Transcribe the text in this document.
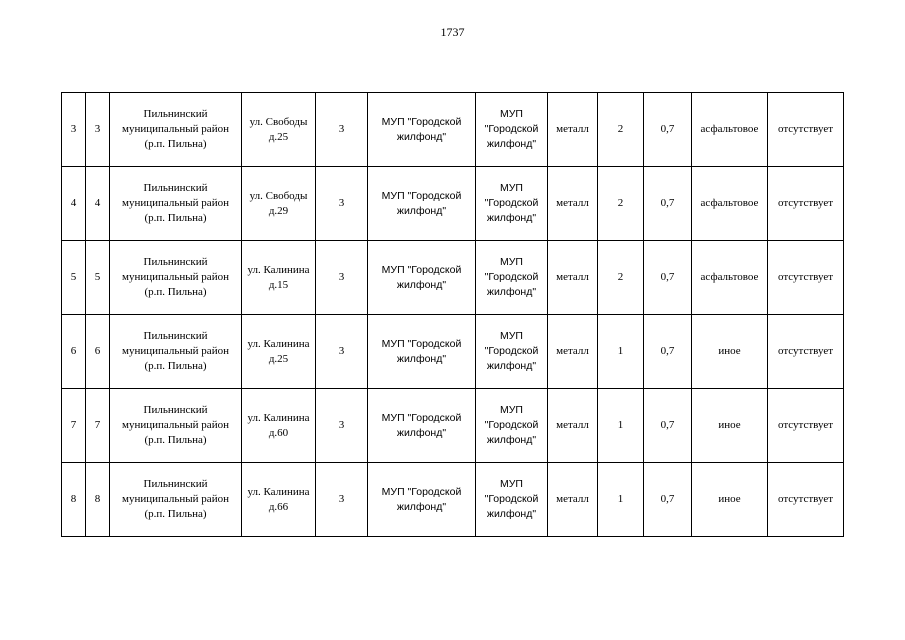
1737
3	3	Пильнинский муниципальный район (р.п. Пильна)	ул. Свободы д.25	3	МУП "Городской жилфонд"	МУП "Городской жилфонд"	металл	2	0,7	асфальтовое	отсутствует
4	4	Пильнинский муниципальный район (р.п. Пильна)	ул. Свободы д.29	3	МУП "Городской жилфонд"	МУП "Городской жилфонд"	металл	2	0,7	асфальтовое	отсутствует
5	5	Пильнинский муниципальный район (р.п. Пильна)	ул. Калинина д.15	3	МУП "Городской жилфонд"	МУП "Городской жилфонд"	металл	2	0,7	асфальтовое	отсутствует
6	6	Пильнинский муниципальный район (р.п. Пильна)	ул. Калинина д.25	3	МУП "Городской жилфонд"	МУП "Городской жилфонд"	металл	1	0,7	иное	отсутствует
7	7	Пильнинский муниципальный район (р.п. Пильна)	ул. Калинина д.60	3	МУП "Городской жилфонд"	МУП "Городской жилфонд"	металл	1	0,7	иное	отсутствует
8	8	Пильнинский муниципальный район (р.п. Пильна)	ул. Калинина д.66	3	МУП "Городской жилфонд"	МУП "Городской жилфонд"	металл	1	0,7	иное	отсутствует
